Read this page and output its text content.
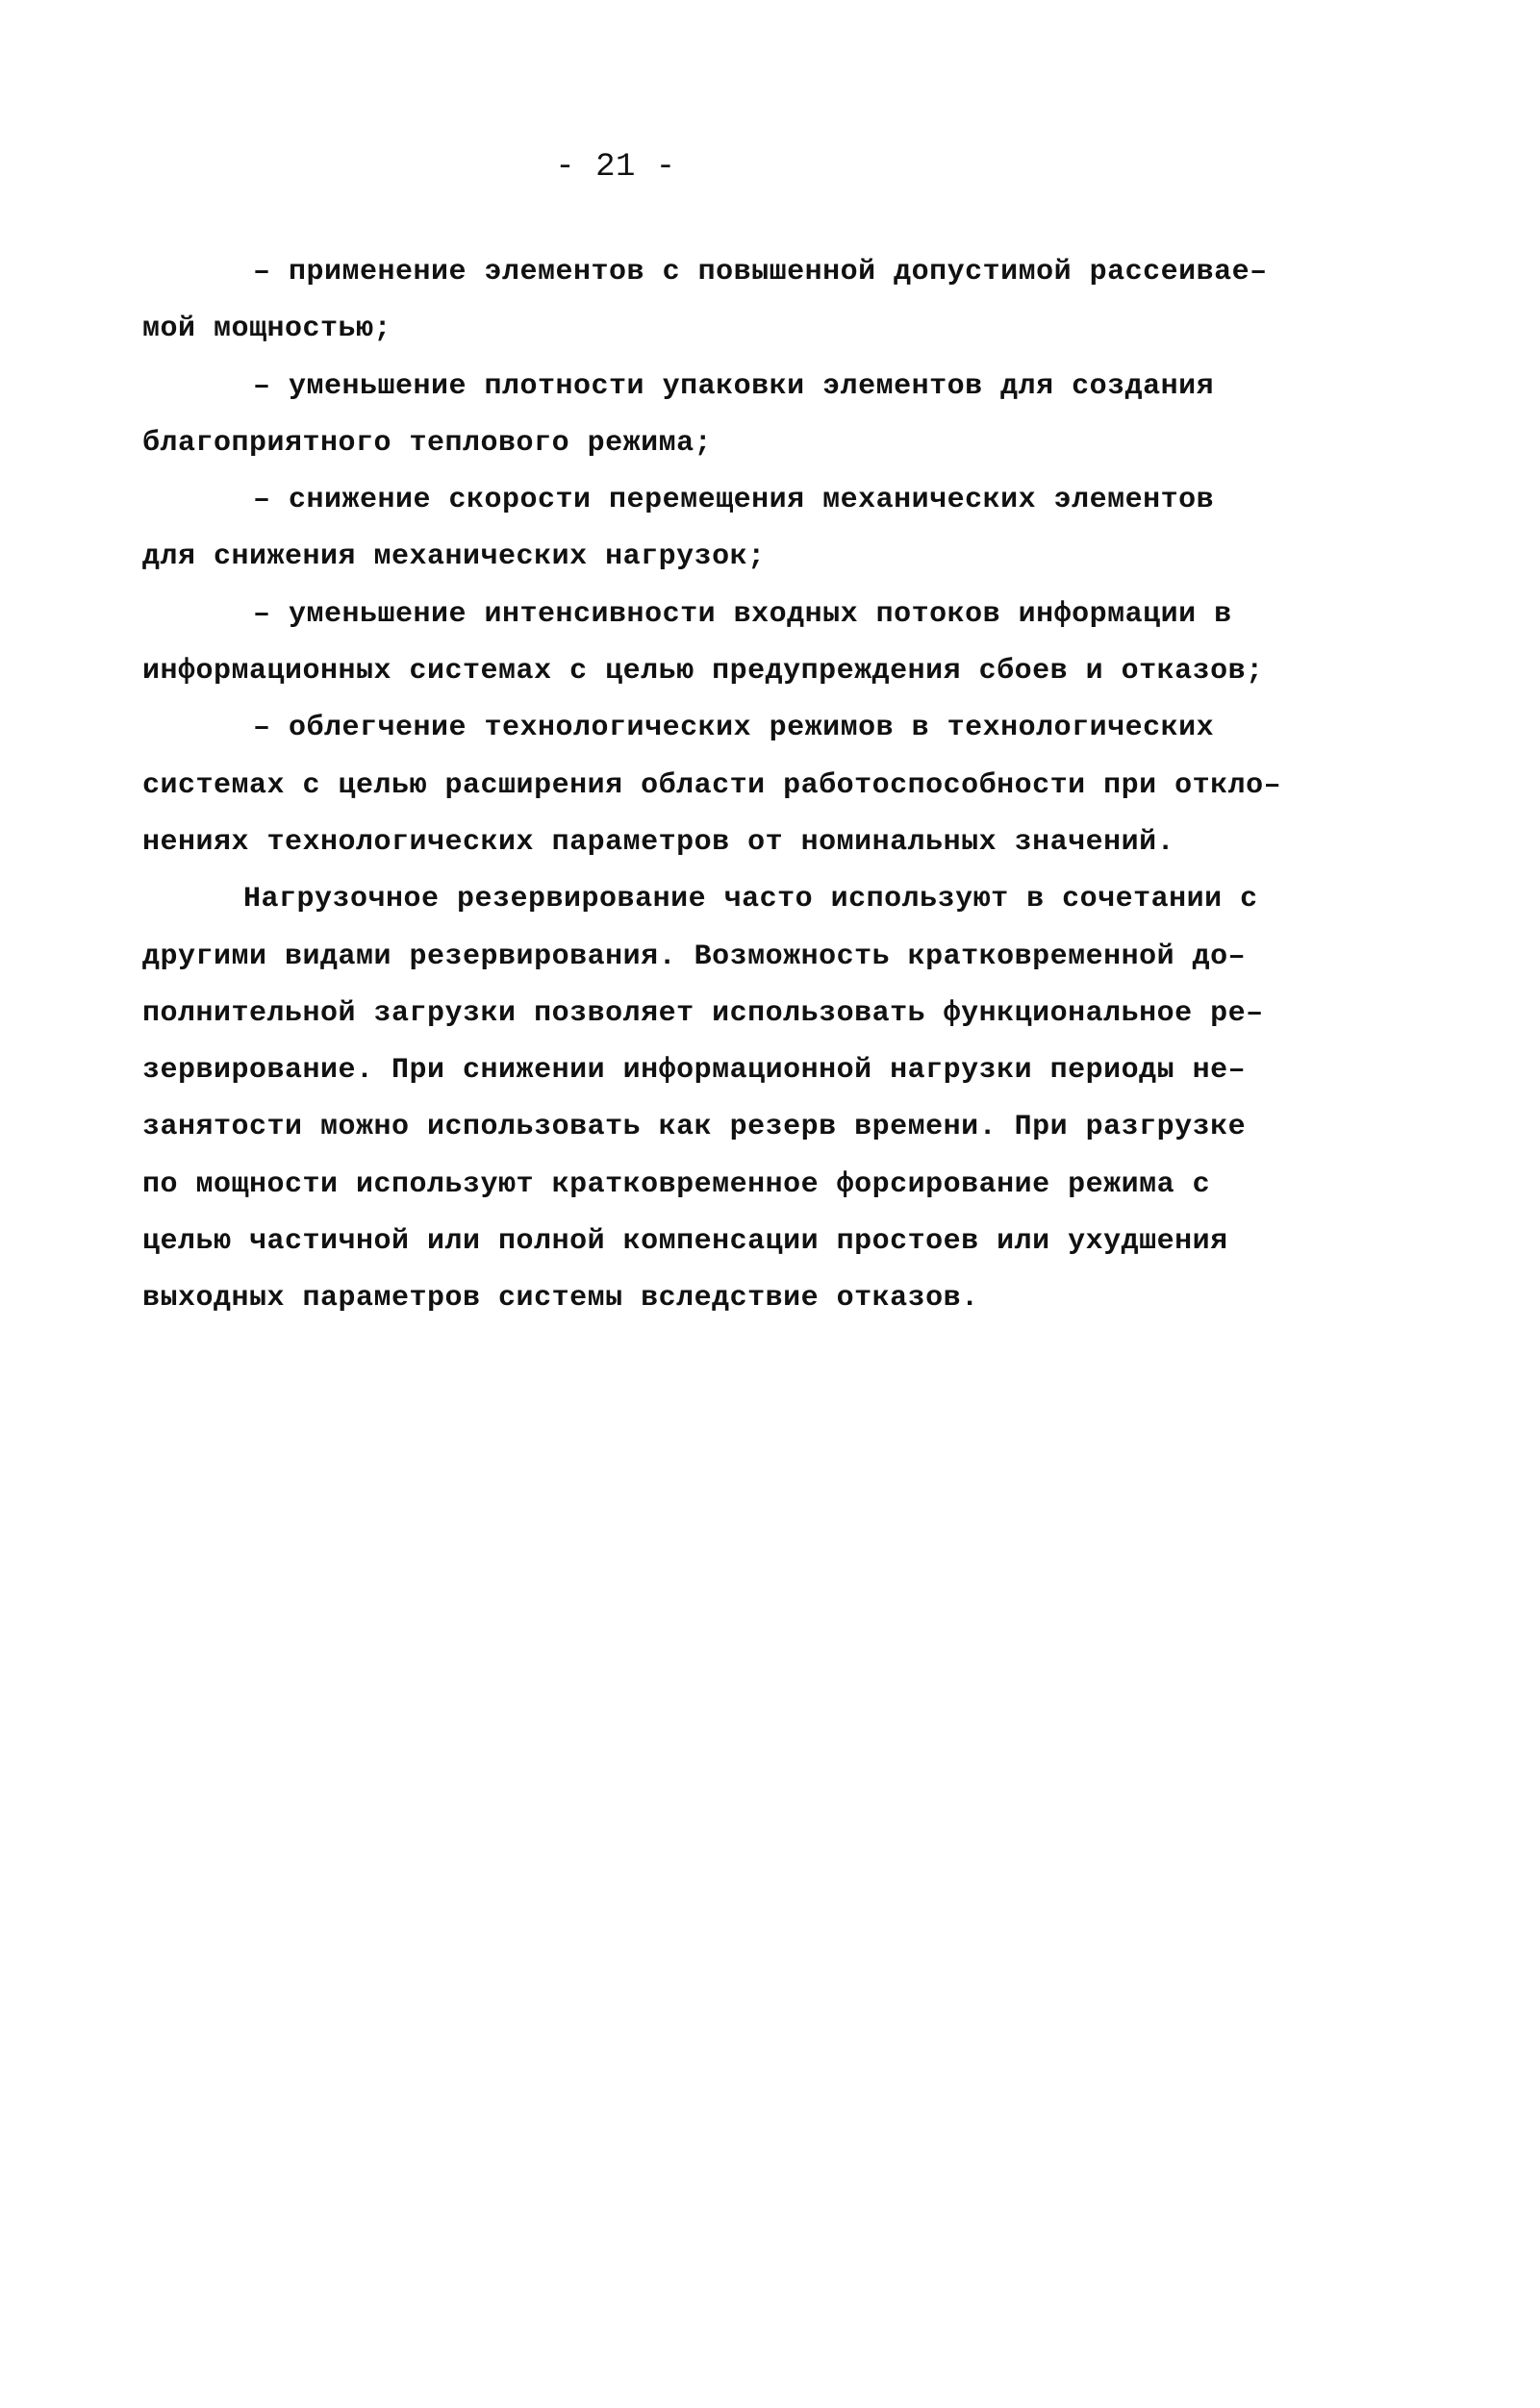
- 21 -
– применение элементов с повышенной допустимой рассеивае–
мой мощностью;
– уменьшение плотности упаковки элементов для создания
благоприятного теплового режима;
– снижение скорости перемещения механических элементов
для снижения механических нагрузок;
– уменьшение интенсивности входных потоков информации в
информационных системах с целью предупреждения сбоев и отказов;
– облегчение технологических режимов в технологических
системах с целью расширения области работоспособности при откло–
нениях технологических параметров от номинальных значений.
Нагрузочное резервирование часто используют в сочетании с
другими видами резервирования. Возможность кратковременной до–
полнительной загрузки позволяет использовать функциональное ре–
зервирование. При снижении информационной нагрузки периоды не–
занятости можно использовать как резерв времени. При разгрузке
по мощности используют кратковременное форсирование режима с
целью частичной или полной компенсации простоев или ухудшения
выходных параметров системы вследствие отказов.
